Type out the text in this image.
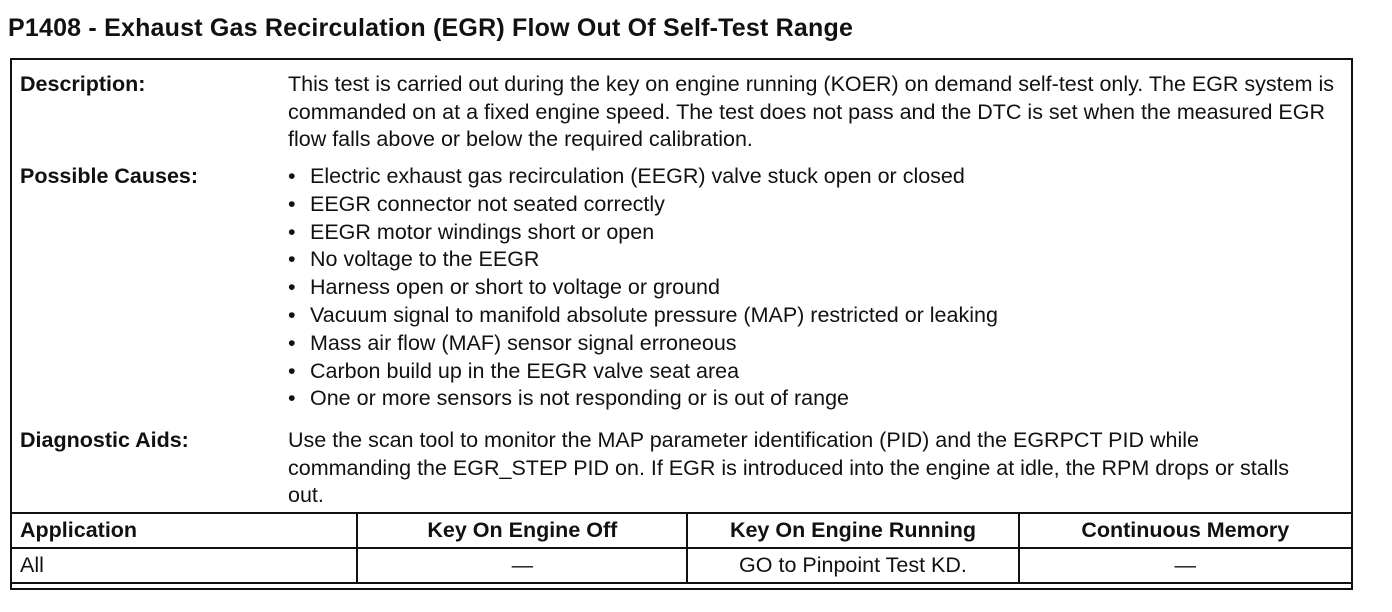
P1408 - Exhaust Gas Recirculation (EGR) Flow Out Of Self-Test Range
Description:	This test is carried out during the key on engine running (KOER) on demand self-test only. The EGR system is commanded on at a fixed engine speed. The test does not pass and the DTC is set when the measured EGR flow falls above or below the required calibration.
Possible Causes:	• Electric exhaust gas recirculation (EEGR) valve stuck open or closed
• EEGR connector not seated correctly
• EEGR motor windings short or open
• No voltage to the EEGR
• Harness open or short to voltage or ground
• Vacuum signal to manifold absolute pressure (MAP) restricted or leaking
• Mass air flow (MAF) sensor signal erroneous
• Carbon build up in the EEGR valve seat area
• One or more sensors is not responding or is out of range
Diagnostic Aids:	Use the scan tool to monitor the MAP parameter identification (PID) and the EGRPCT PID while commanding the EGR_STEP PID on. If EGR is introduced into the engine at idle, the RPM drops or stalls out.
Application	Key On Engine Off	Key On Engine Running	Continuous Memory
All	—	GO to Pinpoint Test KD.	—
